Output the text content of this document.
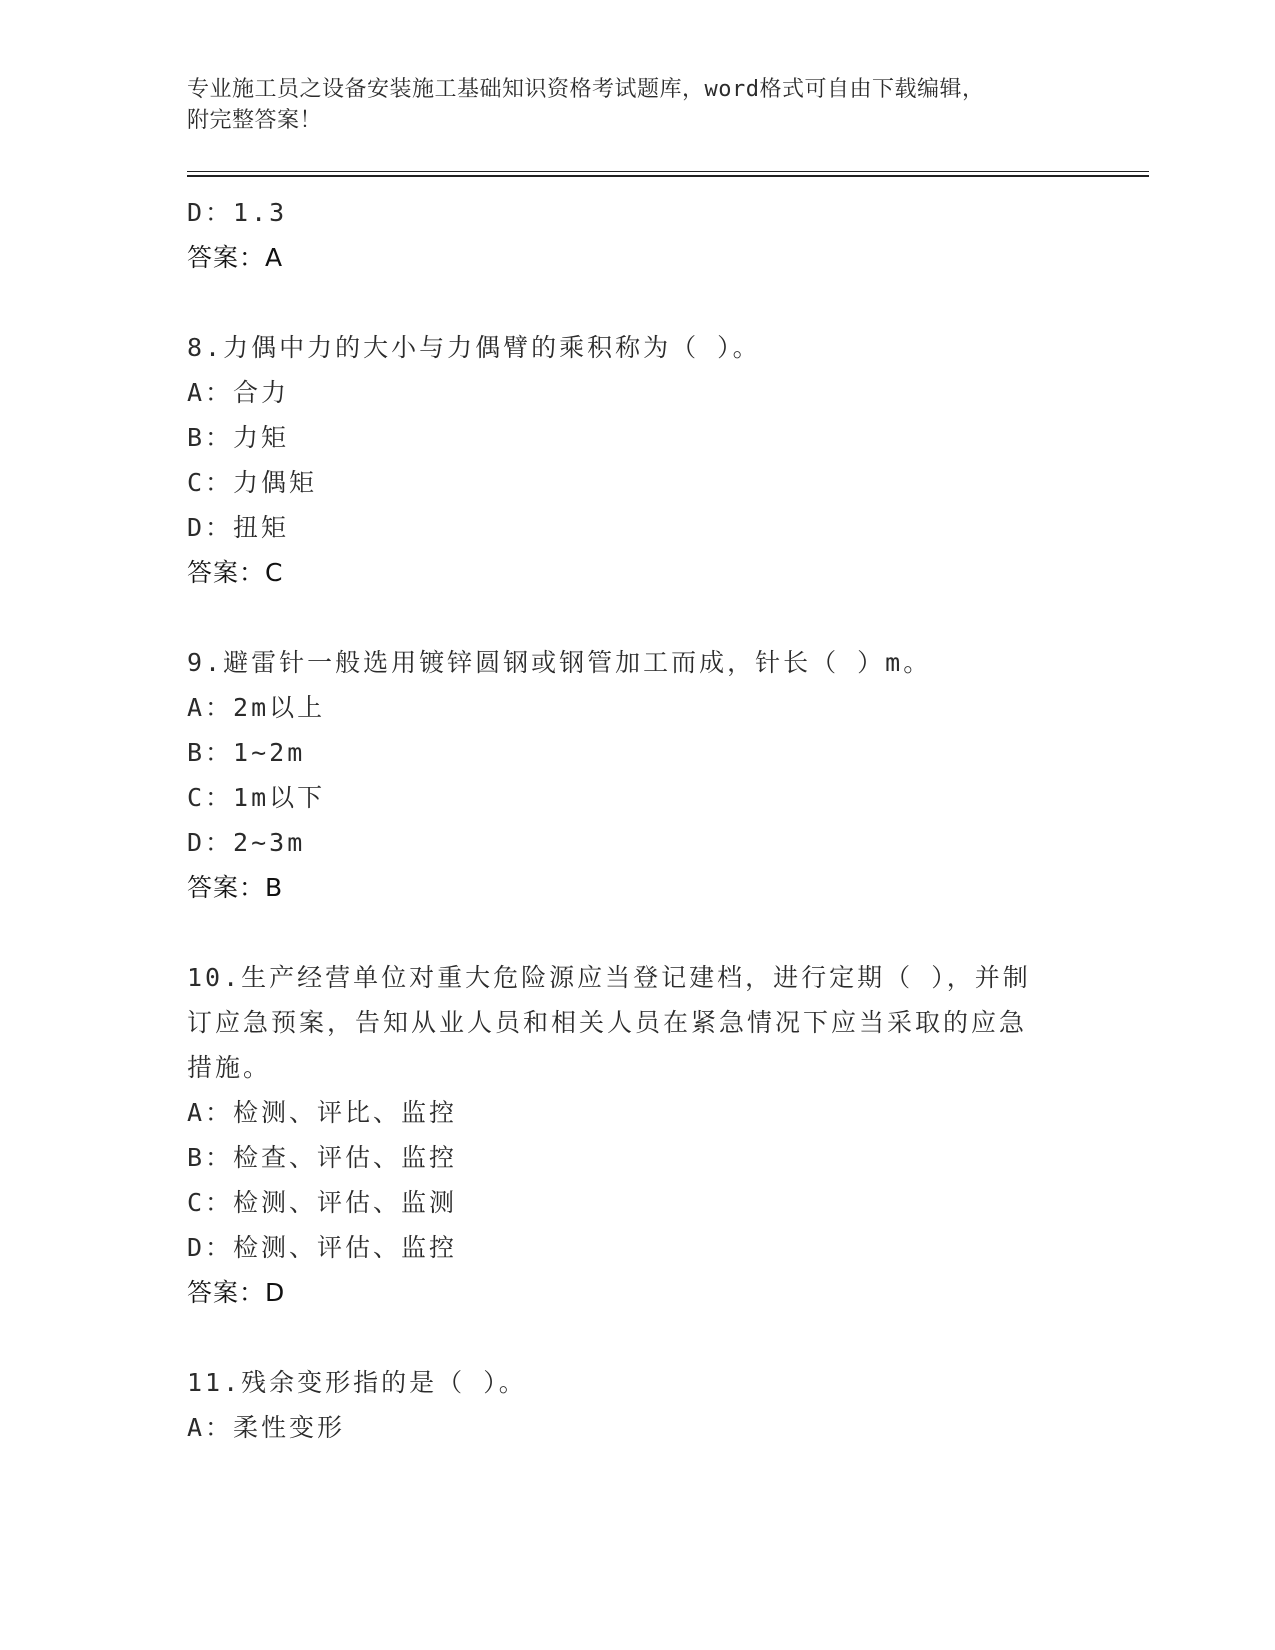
专业施工员之设备安装施工基础知识资格考试题库，word格式可自由下载编辑，
附完整答案！
D：1.3
答案：A
8.力偶中力的大小与力偶臂的乘积称为（ ）。
A：合力
B：力矩
C：力偶矩
D：扭矩
答案：C
9.避雷针一般选用镀锌圆钢或钢管加工而成，针长（ ）m。
A：2m以上
B：1~2m
C：1m以下
D：2~3m
答案：B
10.生产经营单位对重大危险源应当登记建档，进行定期（ ），并制
订应急预案，告知从业人员和相关人员在紧急情况下应当采取的应急
措施。
A：检测、评比、监控
B：检查、评估、监控
C：检测、评估、监测
D：检测、评估、监控
答案：D
11.残余变形指的是（ ）。
A：柔性变形
